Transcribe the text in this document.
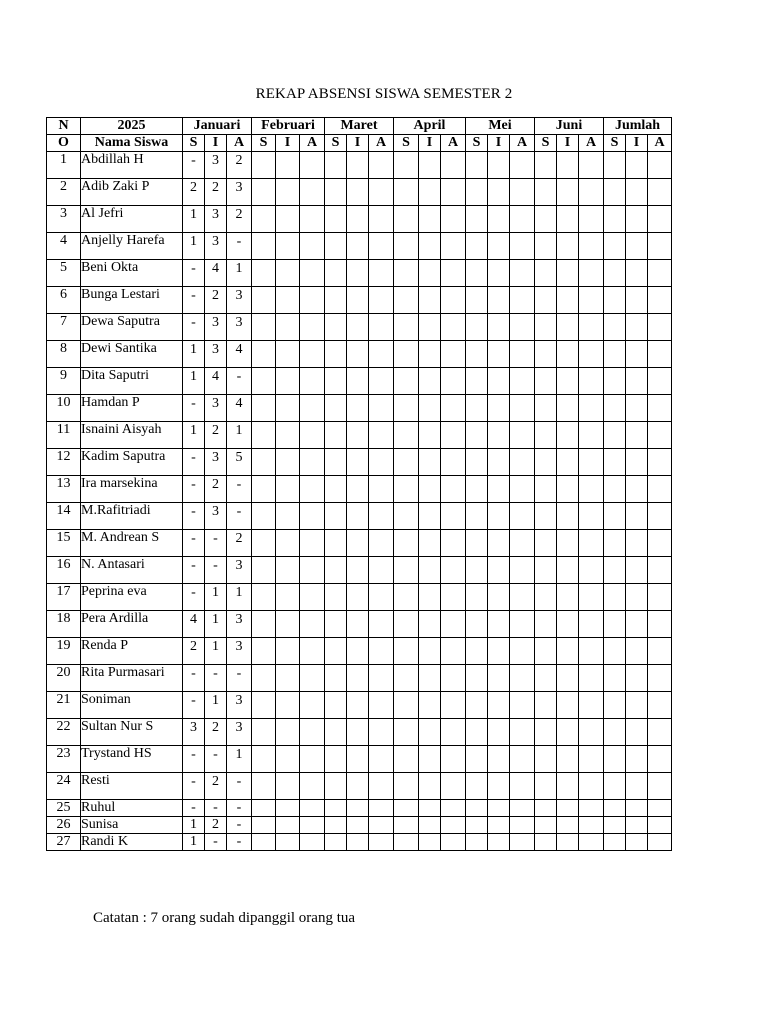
REKAP ABSENSI SISWA SEMESTER 2
N	2025	Januari			Februari			Maret			April			Mei			Juni			Jumlah		
O	Nama Siswa	S	I	A	S	I	A	S	I	A	S	I	A	S	I	A	S	I	A	S	I	A
1	Abdillah H	-	3	2																		
2	Adib Zaki P	2	2	3																		
3	Al Jefri	1	3	2																		
4	Anjelly Harefa	1	3	-																		
5	Beni Okta	-	4	1																		
6	Bunga Lestari	-	2	3																		
7	Dewa Saputra	-	3	3																		
8	Dewi Santika	1	3	4																		
9	Dita Saputri	1	4	-																		
10	Hamdan P	-	3	4																		
11	Isnaini Aisyah	1	2	1																		
12	Kadim Saputra	-	3	5																		
13	Ira marsekina	-	2	-																		
14	M.Rafitriadi	-	3	-																		
15	M. Andrean S	-	-	2																		
16	N. Antasari	-	-	3																		
17	Peprina eva	-	1	1																		
18	Pera Ardilla	4	1	3																		
19	Renda P	2	1	3																		
20	Rita Purmasari	-	-	-																		
21	Soniman	-	1	3																		
22	Sultan Nur S	3	2	3																		
23	Trystand HS	-	-	1																		
24	Resti	-	2	-																		
25	Ruhul	-	-	-																		
26	Sunisa	1	2	-																		
27	Randi K	1	-	-																		
Catatan : 7 orang sudah dipanggil orang tua
